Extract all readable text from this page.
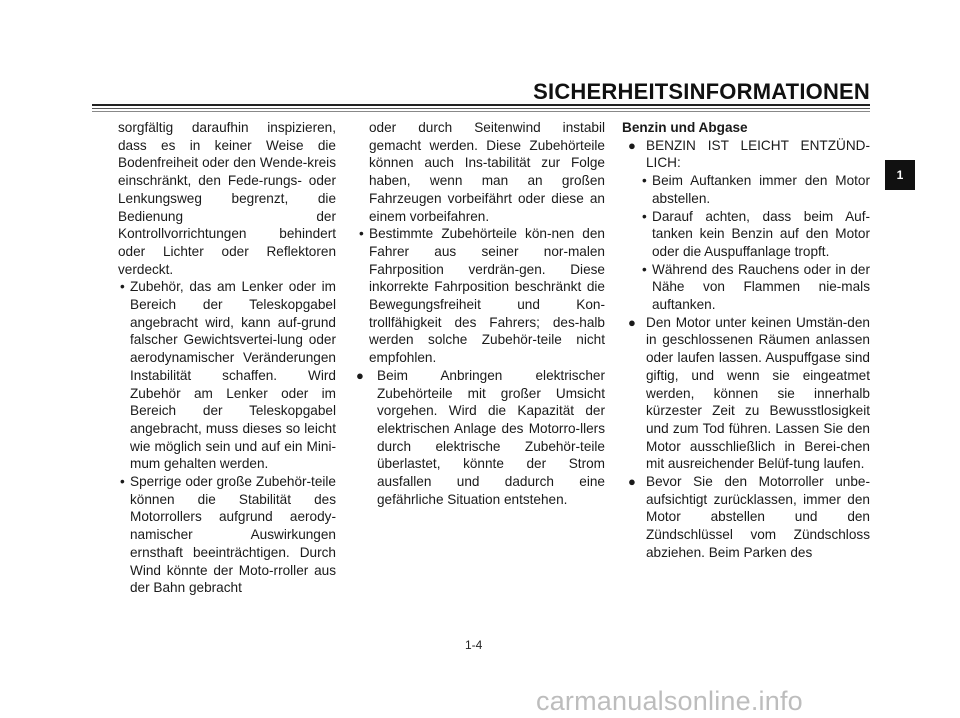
SICHERHEITSINFORMATIONEN
1
sorgfältig daraufhin inspizieren, dass es in keiner Weise die Bodenfreiheit oder den Wende-kreis einschränkt, den Fede-rungs- oder Lenkungsweg begrenzt, die Bedienung der Kontrollvorrichtungen behindert oder Lichter oder Reflektoren verdeckt.
• Zubehör, das am Lenker oder im Bereich der Teleskopgabel angebracht wird, kann auf-grund falscher Gewichtsvertei-lung oder aerodynamischer Veränderungen Instabilität schaffen. Wird Zubehör am Lenker oder im Bereich der Teleskopgabel angebracht, muss dieses so leicht wie möglich sein und auf ein Mini-mum gehalten werden.
• Sperrige oder große Zubehör-teile können die Stabilität des Motorrollers aufgrund aerody-namischer Auswirkungen ernsthaft beeinträchtigen. Durch Wind könnte der Moto-rroller aus der Bahn gebracht
oder durch Seitenwind instabil gemacht werden. Diese Zubehörteile können auch Ins-tabilität zur Folge haben, wenn man an großen Fahrzeugen vorbeifährt oder diese an einem vorbeifahren.
• Bestimmte Zubehörteile kön-nen den Fahrer aus seiner nor-malen Fahrposition verdrän-gen. Diese inkorrekte Fahrposition beschränkt die Bewegungsfreiheit und Kon-trollfähigkeit des Fahrers; des-halb werden solche Zubehör-teile nicht empfohlen.
● Beim Anbringen elektrischer Zubehörteile mit großer Umsicht vorgehen. Wird die Kapazität der elektrischen Anlage des Motorro-llers durch elektrische Zubehör-teile überlastet, könnte der Strom ausfallen und dadurch eine gefährliche Situation entstehen.
Benzin und Abgase
● BENZIN IST LEICHT ENTZÜND-LICH:
• Beim Auftanken immer den Motor abstellen.
• Darauf achten, dass beim Auf-tanken kein Benzin auf den Motor oder die Auspuffanlage tropft.
• Während des Rauchens oder in der Nähe von Flammen nie-mals auftanken.
● Den Motor unter keinen Umstän-den in geschlossenen Räumen anlassen oder laufen lassen. Auspuffgase sind giftig, und wenn sie eingeatmet werden, können sie innerhalb kürzester Zeit zu Bewusstlosigkeit und zum Tod führen. Lassen Sie den Motor ausschließlich in Berei-chen mit ausreichender Belüf-tung laufen.
● Bevor Sie den Motorroller unbe-aufsichtigt zurücklassen, immer den Motor abstellen und den Zündschlüssel vom Zündschloss abziehen. Beim Parken des
1-4
carmanualsonline.info
